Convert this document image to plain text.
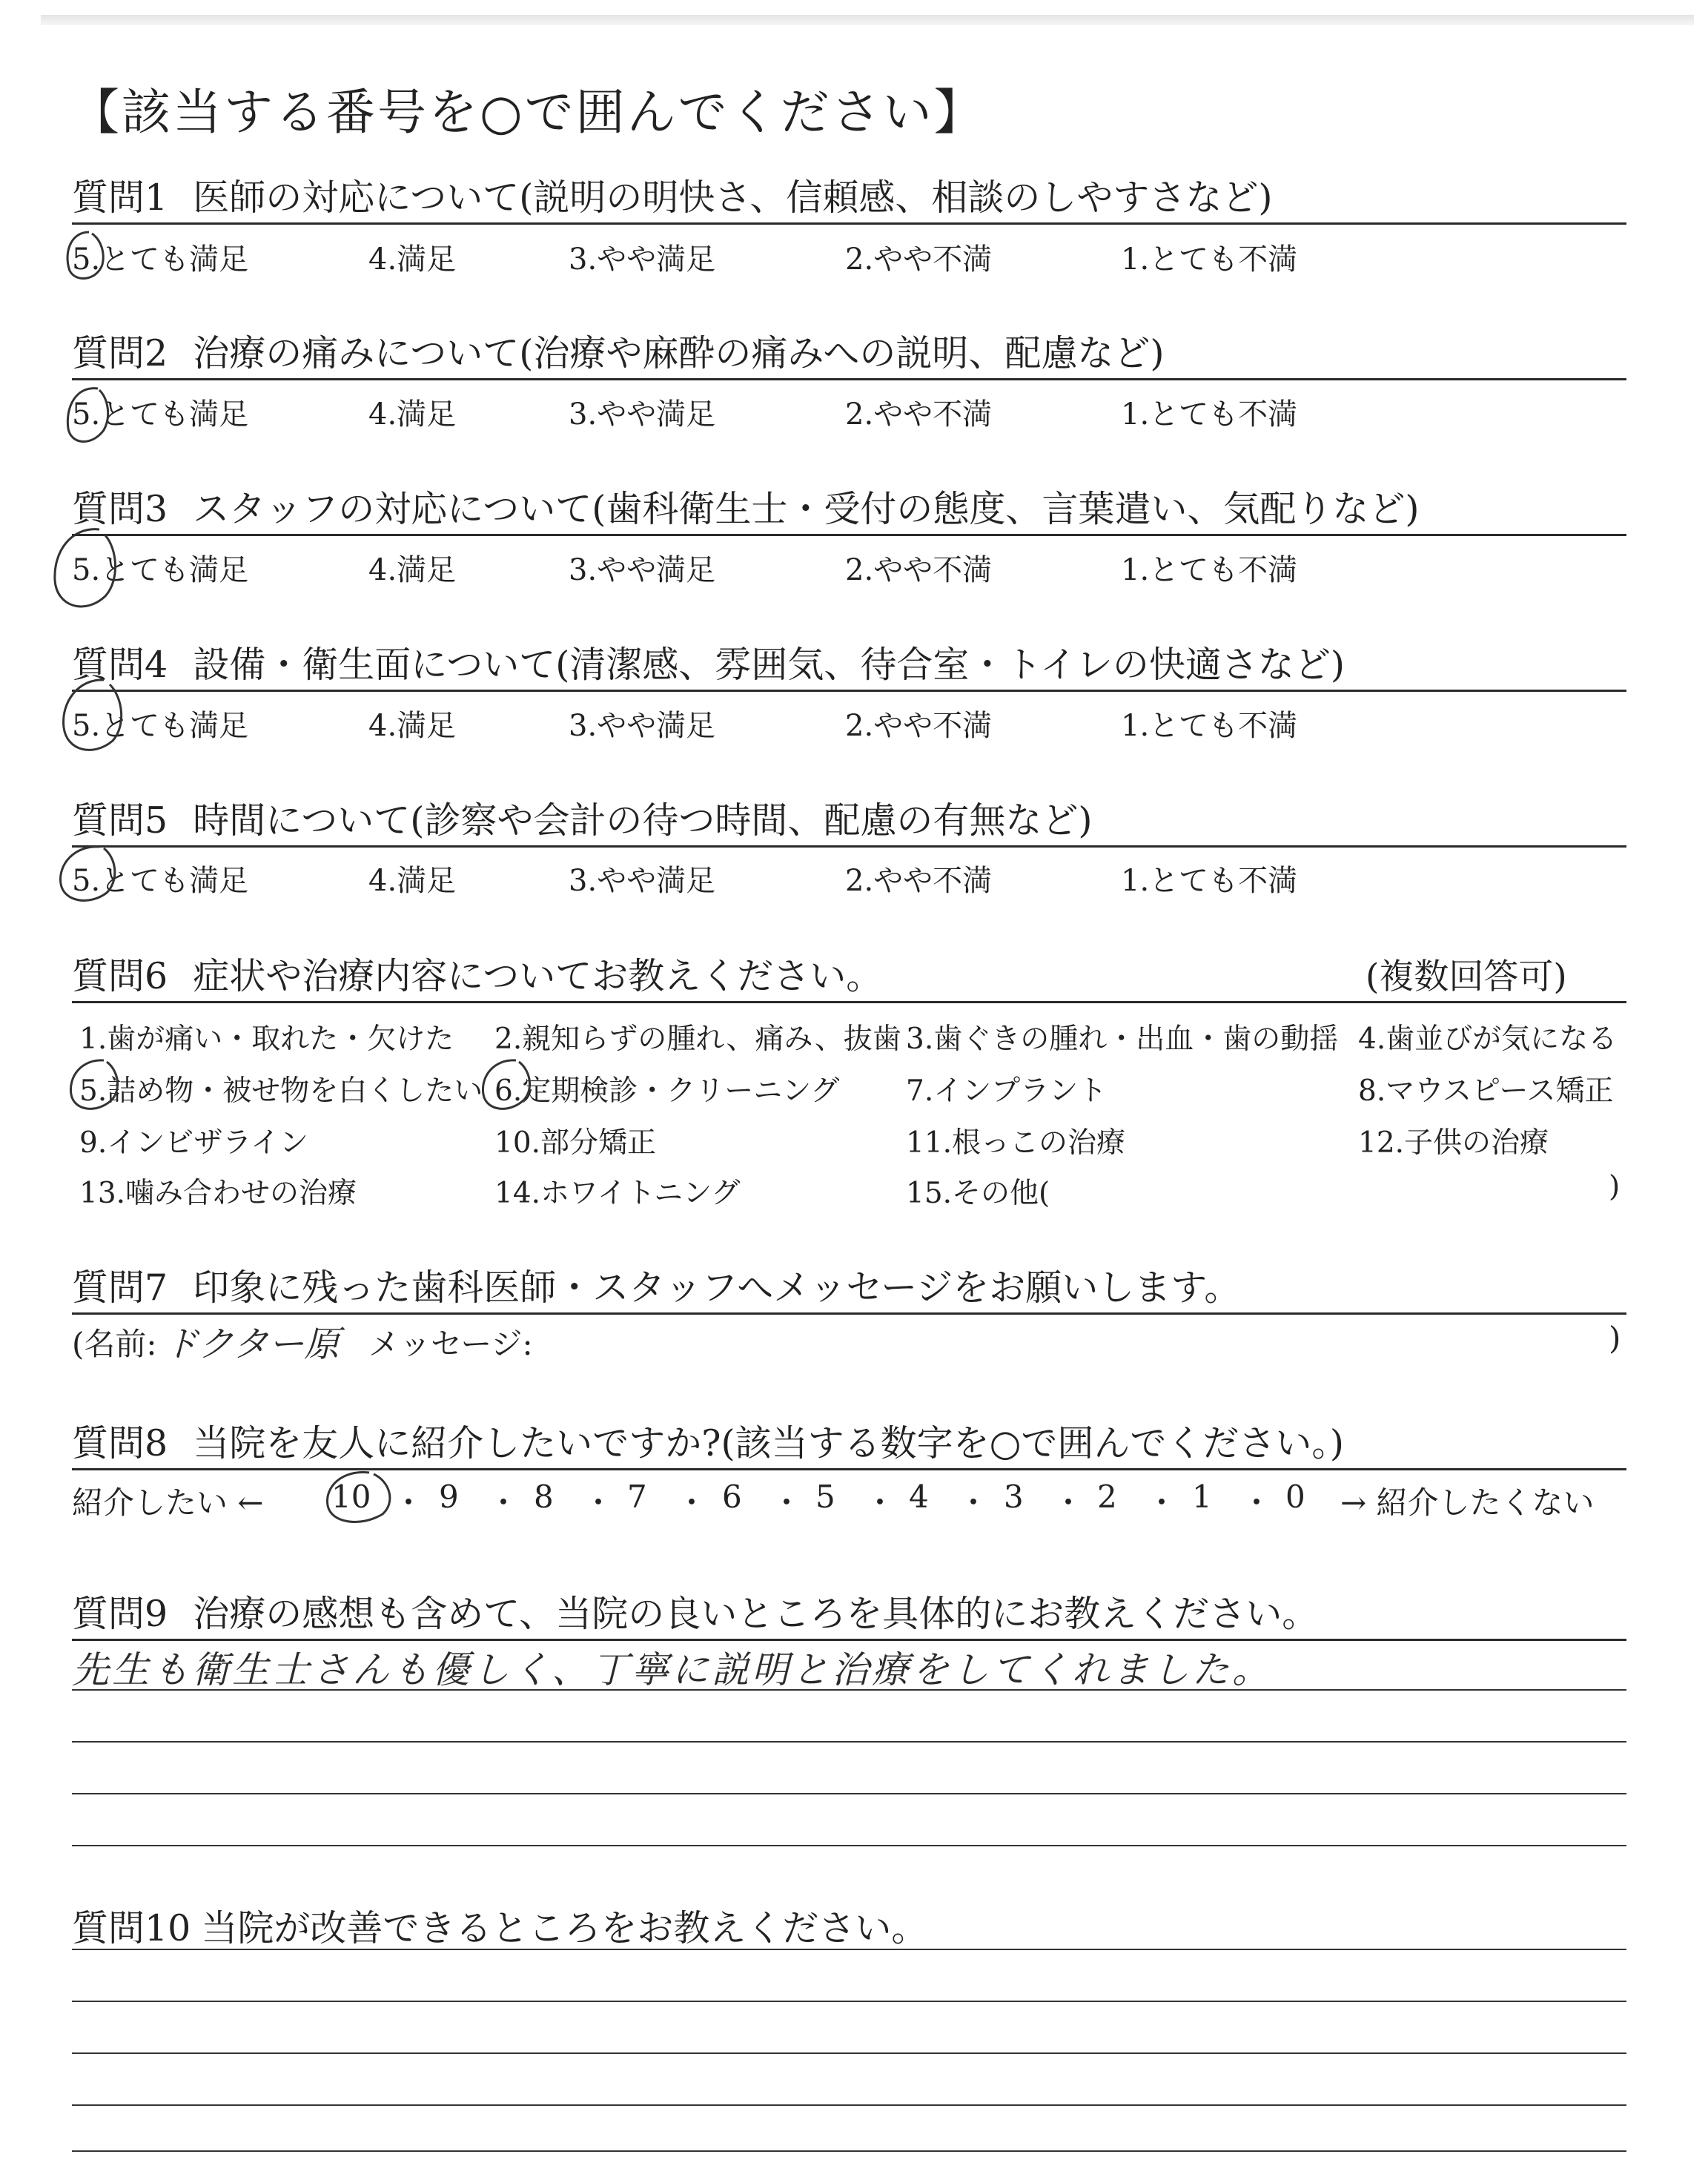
【該当する番号を○で囲んでください】
質問1 医師の対応について(説明の明快さ、信頼感、相談のしやすさなど)
5.とても満足	4.満足	3.やや満足	2.やや不満	1.とても不満
質問2 治療の痛みについて(治療や麻酔の痛みへの説明、配慮など)
5.とても満足	4.満足	3.やや満足	2.やや不満	1.とても不満
質問3 スタッフの対応について(歯科衛生士・受付の態度、言葉遣い、気配りなど)
5.とても満足	4.満足	3.やや満足	2.やや不満	1.とても不満
質問4 設備・衛生面について(清潔感、雰囲気、待合室・トイレの快適さなど)
5.とても満足	4.満足	3.やや満足	2.やや不満	1.とても不満
質問5 時間について(診察や会計の待つ時間、配慮の有無など)
5.とても満足	4.満足	3.やや満足	2.やや不満	1.とても不満
質問6 症状や治療内容についてお教えください。	(複数回答可)
1.歯が痛い・取れた・欠けた 2.親知らずの腫れ、痛み、抜歯 3.歯ぐきの腫れ・出血・歯の動揺 4.歯並びが気になる
5.詰め物・被せ物を白くしたい 6.定期検診・クリーニング 7.インプラント	8.マウスピース矯正
9.インビザライン	10.部分矯正	11.根っこの治療	12.子供の治療
13.噛み合わせの治療	14.ホワイトニング	15.その他(	)
質問7 印象に残った歯科医師・スタッフへメッセージをお願いします。
(名前: ドクター原 メッセージ:	)
質問8 当院を友人に紹介したいですか?(該当する数字を○で囲んでください。)
紹介したい ←	→ 紹介したくない
10 ・ 9 ・ 8 ・ 7 ・ 6 ・ 5 ・ 4 ・ 3 ・ 2 ・ 1 ・ 0
質問9 治療の感想も含めて、当院の良いところを具体的にお教えください。
先生も衛生士さんも優しく、丁寧に説明と治療をしてくれました。
質問10 当院が改善できるところをお教えください。
